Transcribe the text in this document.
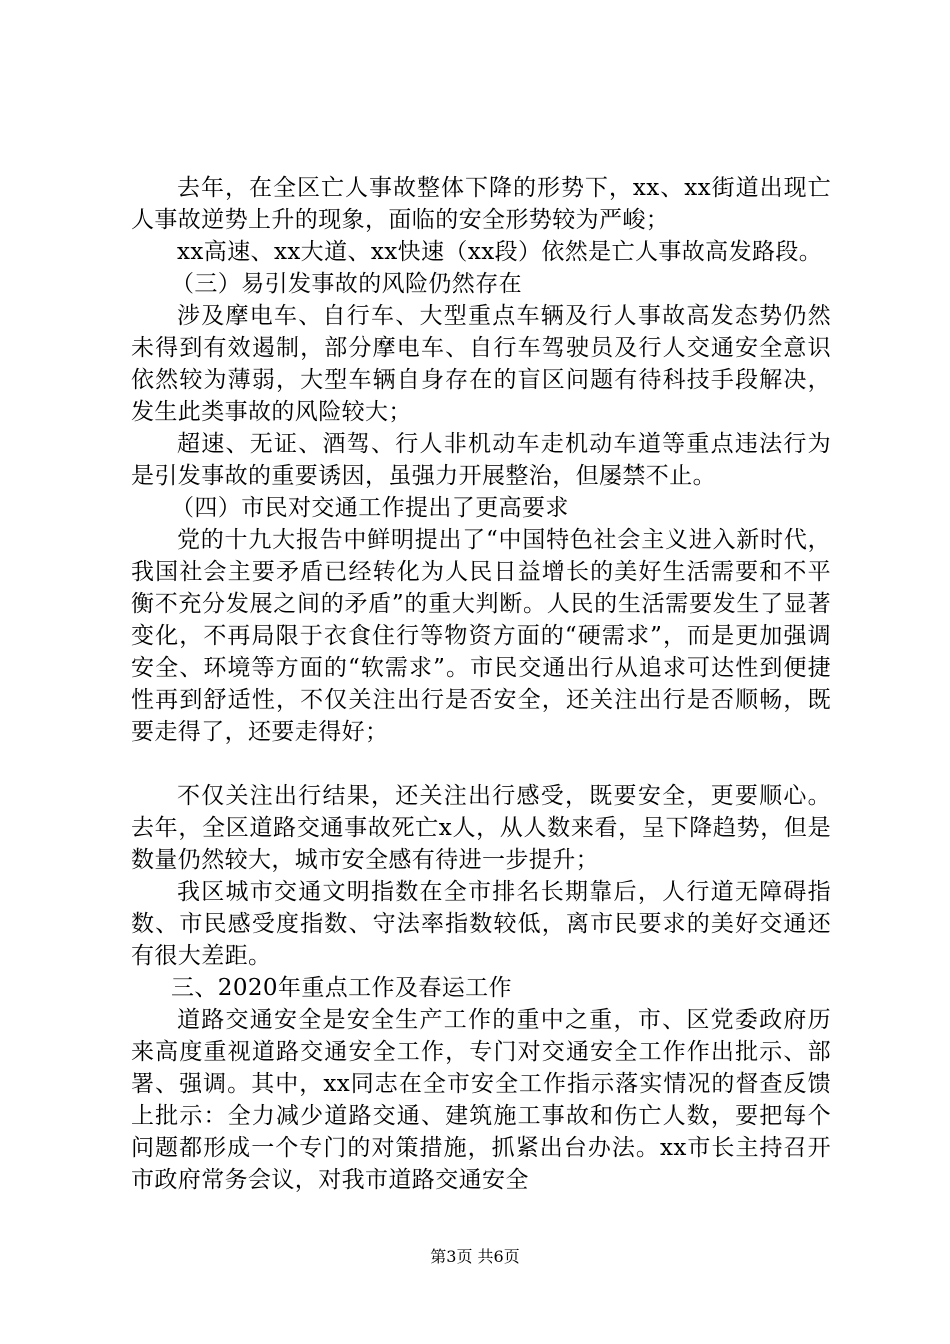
去年，在全区亡人事故整体下降的形势下，xx、xx街道出现亡人事故逆势上升的现象，面临的安全形势较为严峻；

xx高速、xx大道、xx快速（xx段）依然是亡人事故高发路段。

（三）易引发事故的风险仍然存在

涉及摩电车、自行车、大型重点车辆及行人事故高发态势仍然未得到有效遏制，部分摩电车、自行车驾驶员及行人交通安全意识依然较为薄弱，大型车辆自身存在的盲区问题有待科技手段解决，发生此类事故的风险较大；

超速、无证、酒驾、行人非机动车走机动车道等重点违法行为是引发事故的重要诱因，虽强力开展整治，但屡禁不止。

（四）市民对交通工作提出了更高要求

党的十九大报告中鲜明提出了“中国特色社会主义进入新时代，我国社会主要矛盾已经转化为人民日益增长的美好生活需要和不平衡不充分发展之间的矛盾”的重大判断。人民的生活需要发生了显著变化，不再局限于衣食住行等物资方面的“硬需求”，而是更加强调安全、环境等方面的“软需求”。市民交通出行从追求可达性到便捷性再到舒适性，不仅关注出行是否安全，还关注出行是否顺畅，既要走得了，还要走得好；

不仅关注出行结果，还关注出行感受，既要安全，更要顺心。去年，全区道路交通事故死亡x人，从人数来看，呈下降趋势，但是数量仍然较大，城市安全感有待进一步提升；

我区城市交通文明指数在全市排名长期靠后，人行道无障碍指数、市民感受度指数、守法率指数较低，离市民要求的美好交通还有很大差距。

三、2020年重点工作及春运工作

道路交通安全是安全生产工作的重中之重，市、区党委政府历来高度重视道路交通安全工作，专门对交通安全工作作出批示、部署、强调。其中，xx同志在全市安全工作指示落实情况的督查反馈上批示：全力减少道路交通、建筑施工事故和伤亡人数，要把每个问题都形成一个专门的对策措施，抓紧出台办法。xx市长主持召开市政府常务会议，对我市道路交通安全

第3页 共6页
